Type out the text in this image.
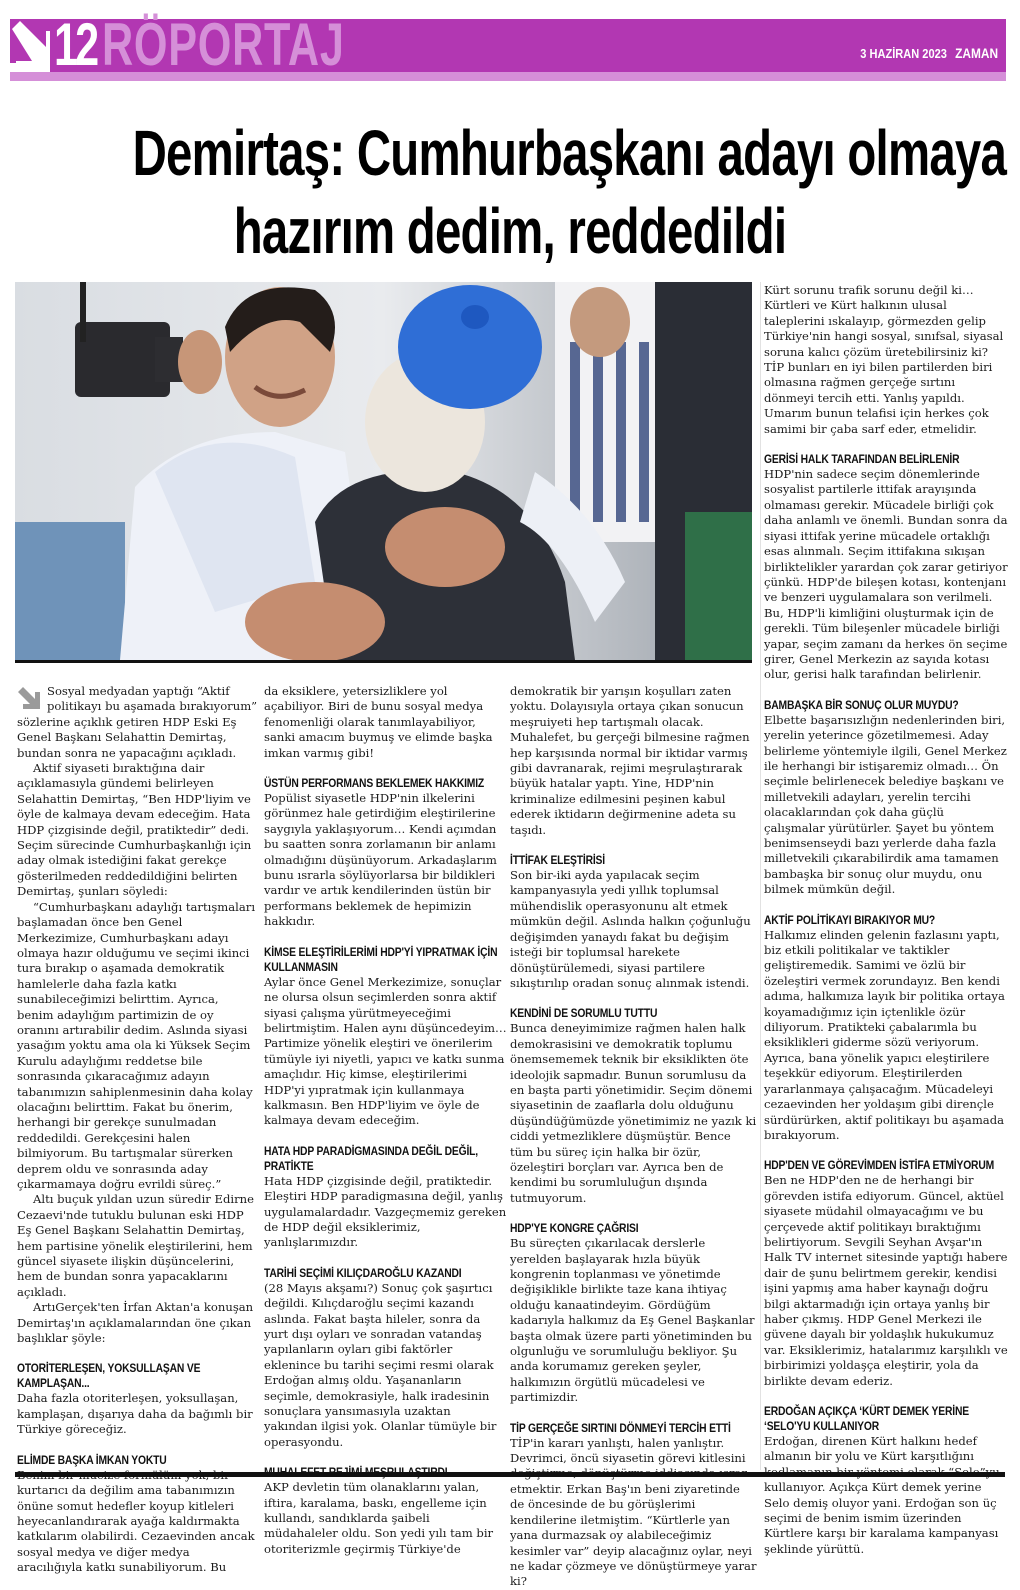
12 RÖPORTAJ	3 HAZİRAN 2023 ZAMAN
Demirtaş: Cumhurbaşkanı adayı olmaya
hazırım dedim, reddedildi

Sosyal medyadan yaptığı “Aktif politikayı bu aşamada bırakıyorum” sözlerine açıklık getiren HDP Eski Eş Genel Başkanı Selahattin Demirtaş, bundan sonra ne yapacağını açıkladı.

Aktif siyaseti bıraktığına dair açıklamasıyla gündemi belirleyen Selahattin Demirtaş, “Ben HDP'liyim ve öyle de kalmaya devam edeceğim. Hata HDP çizgisinde değil, pratiktedir” dedi. Seçim sürecinde Cumhurbaşkanlığı için aday olmak istediğini fakat gerekçe gösterilmeden reddedildiğini belirten Demirtaş, şunları söyledi:

“Cumhurbaşkanı adaylığı tartışmaları başlamadan önce ben Genel Merkezimize, Cumhurbaşkanı adayı olmaya hazır olduğumu ve seçimi ikinci tura bırakıp o aşamada demokratik hamlelerle daha fazla katkı sunabileceğimizi belirttim. Ayrıca, benim adaylığım partimizin de oy oranını artırabilir dedim. Aslında siyasi yasağım yoktu ama ola ki Yüksek Seçim Kurulu adaylığımı reddetse bile sonrasında çıkaracağımız adayın tabanımızın sahiplenmesinin daha kolay olacağını belirttim. Fakat bu önerim, herhangi bir gerekçe sunulmadan reddedildi. Gerekçesini halen bilmiyorum. Bu tartışmalar sürerken deprem oldu ve sonrasında aday çıkarmamaya doğru evrildi süreç.”

Altı buçuk yıldan uzun süredir Edirne Cezaevi'nde tutuklu bulunan eski HDP Eş Genel Başkanı Selahattin Demirtaş, hem partisine yönelik eleştirilerini, hem güncel siyasete ilişkin düşüncelerini, hem de bundan sonra yapacaklarını açıkladı.

ArtıGerçek'ten İrfan Aktan'a konuşan Demirtaş'ın açıklamalarından öne çıkan başlıklar şöyle:

OTORİTERLEŞEN, YOKSULLAŞAN VE KAMPLAŞAN...

Daha fazla otoriterleşen, yoksullaşan, kamplaşan, dışarıya daha da bağımlı bir Türkiye göreceğiz.

ELİMDE BAŞKA İMKAN YOKTU

kurtarıcı da değilim ama tabanımızın önüne somut hedefler koyup kitleleri heyecanlandırarak ayağa kaldırmakta katkılarım olabilirdi. Cezaevinden ancak sosyal medya ve diğer medya aracılığıyla katkı sunabiliyorum. Bu

da eksiklere, yetersizliklere yol açabiliyor. Biri de bunu sosyal medya fenomenliği olarak tanımlayabiliyor, sanki amacım buymuş ve elimde başka imkan varmış gibi!

ÜSTÜN PERFORMANS BEKLEMEK HAKKIMIZ

Popülist siyasetle HDP'nin ilkelerini görünmez hale getirdiğim eleştirilerine saygıyla yaklaşıyorum… Kendi açımdan bu saatten sonra zorlamanın bir anlamı olmadığını düşünüyorum. Arkadaşlarım bunu ısrarla söylüyorlarsa bir bildikleri vardır ve artık kendilerinden üstün bir performans beklemek de hepimizin hakkıdır.

KİMSE ELEŞTİRİLERİMİ HDP'Yİ YIPRATMAK İÇİN KULLANMASIN

Aylar önce Genel Merkezimize, sonuçlar ne olursa olsun seçimlerden sonra aktif siyasi çalışma yürütmeyeceğimi belirtmiştim. Halen aynı düşüncedeyim… Partimize yönelik eleştiri ve önerilerim tümüyle iyi niyetli, yapıcı ve katkı sunma amaçlıdır. Hiç kimse, eleştirilerimi HDP'yi yıpratmak için kullanmaya kalkmasın. Ben HDP'liyim ve öyle de kalmaya devam edeceğim.

HATA HDP PARADİGMASINDA DEĞİL DEĞİL, PRATİKTE

Hata HDP çizgisinde değil, pratiktedir. Eleştiri HDP paradigmasına değil, yanlış uygulamalardadır. Vazgeçmemiz gereken de HDP değil eksiklerimiz, yanlışlarımızdır.

TARİHİ SEÇİMİ KILIÇDAROĞLU KAZANDI

(28 Mayıs akşamı?) Sonuç çok şaşırtıcı değildi. Kılıçdaroğlu seçimi kazandı aslında. Fakat başta hileler, sonra da yurt dışı oyları ve sonradan vatandaş yapılanların oyları gibi faktörler eklenince bu tarihi seçimi resmi olarak Erdoğan almış oldu. Yaşananların seçimle, demokrasiyle, halk iradesinin sonuçlara yansımasıyla uzaktan yakından ilgisi yok. Olanlar tümüyle bir operasyondu.

AKP devletin tüm olanaklarını yalan, iftira, karalama, baskı, engelleme için kullandı, sandıklarda şaibeli müdahaleler oldu. Son yedi yılı tam bir otoriterizmle geçirmiş Türkiye'de

demokratik bir yarışın koşulları zaten yoktu. Dolayısıyla ortaya çıkan sonucun meşruiyeti hep tartışmalı olacak. Muhalefet, bu gerçeği bilmesine rağmen hep karşısında normal bir iktidar varmış gibi davranarak, rejimi meşrulaştırarak büyük hatalar yaptı. Yine, HDP'nin kriminalize edilmesini peşinen kabul ederek iktidarın değirmenine adeta su taşıdı.

İTTİFAK ELEŞTİRİSİ

Son bir-iki ayda yapılacak seçim kampanyasıyla yedi yıllık toplumsal mühendislik operasyonunu alt etmek mümkün değil. Aslında halkın çoğunluğu değişimden yanaydı fakat bu değişim isteği bir toplumsal harekete dönüştürülemedi, siyasi partilere sıkıştırılıp oradan sonuç alınmak istendi.

KENDİNİ DE SORUMLU TUTTU

Bunca deneyimimize rağmen halen halk demokrasisini ve demokratik toplumu önemsememek teknik bir eksiklikten öte ideolojik sapmadır. Bunun sorumlusu da en başta parti yönetimidir. Seçim dönemi siyasetinin de zaaflarla dolu olduğunu düşündüğümüzde yönetimimiz ne yazık ki ciddi yetmezliklere düşmüştür. Bence tüm bu süreç için halka bir özür, özeleştiri borçları var. Ayrıca ben de kendimi bu sorumluluğun dışında tutmuyorum.

HDP'YE KONGRE ÇAĞRISI

Bu süreçten çıkarılacak derslerle yerelden başlayarak hızla büyük kongrenin toplanması ve yönetimde değişiklikle birlikte taze kana ihtiyaç olduğu kanaatindeyim. Gördüğüm kadarıyla halkımız da Eş Genel Başkanlar başta olmak üzere parti yönetiminden bu olgunluğu ve sorumluluğu bekliyor. Şu anda korumamız gereken şeyler, halkımızın örgütlü mücadelesi ve partimizdir.

TİP GERÇEĞE SIRTINI DÖNMEYİ TERCİH ETTİ

TİP'in kararı yanlıştı, halen yanlıştır. Devrimci, öncü siyasetin görevi kitlesini etmektir. Erkan Baş'ın beni ziyaretinde de öncesinde de bu görüşlerimi kendilerine iletmiştim. “Kürtlerle yan yana durmazsak oy alabileceğimiz kesimler var” deyip alacağınız oylar, neyi ne kadar çözmeye ve dönüştürmeye yarar ki?

Kürt sorunu trafik sorunu değil ki… Kürtleri ve Kürt halkının ulusal taleplerini ıskalayıp, görmezden gelip Türkiye'nin hangi sosyal, sınıfsal, siyasal soruna kalıcı çözüm üretebilirsiniz ki? TİP bunları en iyi bilen partilerden biri olmasına rağmen gerçeğe sırtını dönmeyi tercih etti. Yanlış yapıldı. Umarım bunun telafisi için herkes çok samimi bir çaba sarf eder, etmelidir.

GERİSİ HALK TARAFINDAN BELİRLENİR

HDP'nin sadece seçim dönemlerinde sosyalist partilerle ittifak arayışında olmaması gerekir. Mücadele birliği çok daha anlamlı ve önemli. Bundan sonra da siyasi ittifak yerine mücadele ortaklığı esas alınmalı. Seçim ittifakına sıkışan birliktelikler yarardan çok zarar getiriyor çünkü. HDP'de bileşen kotası, kontenjanı ve benzeri uygulamalara son verilmeli. Bu, HDP'li kimliğini oluşturmak için de gerekli. Tüm bileşenler mücadele birliği yapar, seçim zamanı da herkes ön seçime girer, Genel Merkezin az sayıda kotası olur, gerisi halk tarafından belirlenir.

BAMBAŞKA BİR SONUÇ OLUR MUYDU?

Elbette başarısızlığın nedenlerinden biri, yerelin yeterince gözetilmemesi. Aday belirleme yöntemiyle ilgili, Genel Merkez ile herhangi bir istişaremiz olmadı… Ön seçimle belirlenecek belediye başkanı ve milletvekili adayları, yerelin tercihi olacaklarından çok daha güçlü çalışmalar yürütürler. Şayet bu yöntem benimsenseydi bazı yerlerde daha fazla milletvekili çıkarabilirdik ama tamamen bambaşka bir sonuç olur muydu, onu bilmek mümkün değil.

AKTİF POLİTİKAYI BIRAKIYOR MU?

Halkımız elinden gelenin fazlasını yaptı, biz etkili politikalar ve taktikler geliştiremedik. Samimi ve özlü bir özeleştiri vermek zorundayız. Ben kendi adıma, halkımıza layık bir politika ortaya koyamadığımız için içtenlikle özür diliyorum. Pratikteki çabalarımla bu eksiklikleri giderme sözü veriyorum. Ayrıca, bana yönelik yapıcı eleştirilere teşekkür ediyorum. Eleştirilerden yararlanmaya çalışacağım. Mücadeleyi cezaevinden her yoldaşım gibi dirençle sürdürürken, aktif politikayı bu aşamada bırakıyorum.

HDP'DEN VE GÖREVİMDEN İSTİFA ETMİYORUM

Ben ne HDP'den ne de herhangi bir görevden istifa ediyorum. Güncel, aktüel siyasete müdahil olmayacağımı ve bu çerçevede aktif politikayı bıraktığımı belirtiyorum. Sevgili Seyhan Avşar'ın Halk TV internet sitesinde yaptığı habere dair de şunu belirtmem gerekir, kendisi işini yapmış ama haber kaynağı doğru bilgi aktarmadığı için ortaya yanlış bir haber çıkmış. HDP Genel Merkezi ile güvene dayalı bir yoldaşlık hukukumuz var. Eksiklerimiz, hatalarımız karşılıklı ve birbirimizi yoldaşça eleştirir, yola da birlikte devam ederiz.

ERDOĞAN AÇIKÇA ‘KÜRT DEMEK YERİNE ‘SELO'YU KULLANIYOR

Erdoğan, direnen Kürt halkını hedef almanın bir yolu ve Kürt karşıtlığını kullanıyor. Açıkça Kürt demek yerine Selo demiş oluyor yani. Erdoğan son üç seçimi de benim ismim üzerinden Kürtlere karşı bir karalama kampanyası şeklinde yürüttü.
